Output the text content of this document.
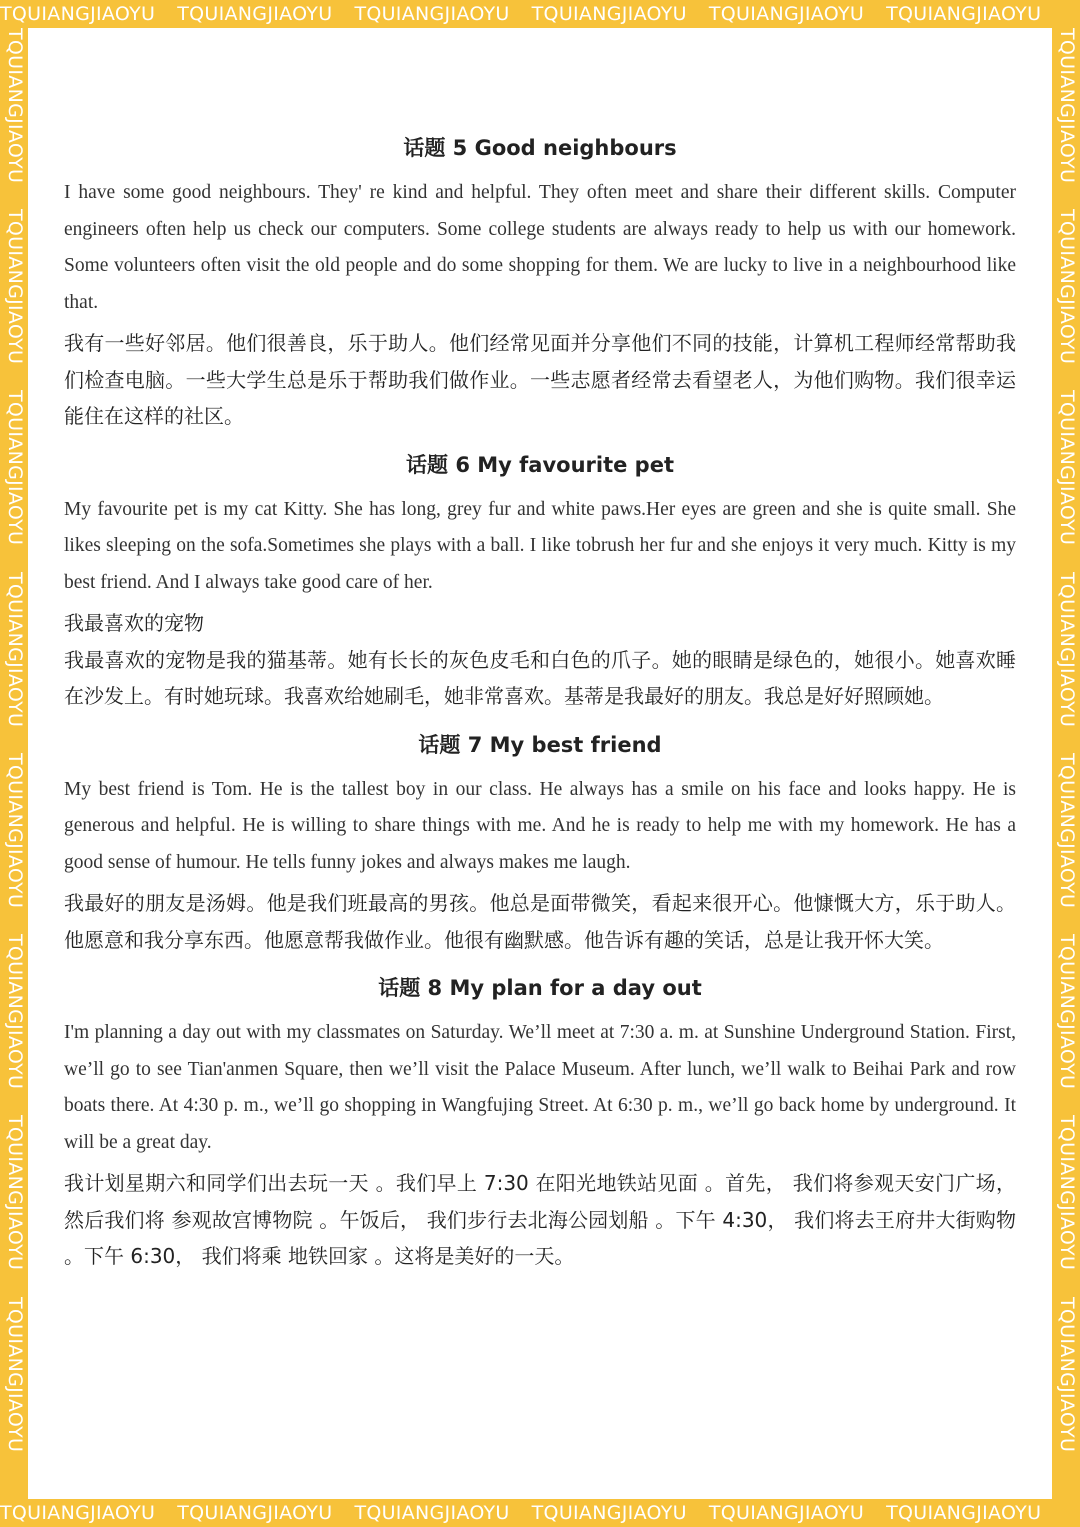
TQUIANGJIAOYU TQUIANGJIAOYU TQUIANGJIAOYU TQUIANGJIAOYU TQUIANGJIAOYU TQUIANGJIAOYU
TQUIANGJIAOYU TQUIANGJIAOYU TQUIANGJIAOYU TQUIANGJIAOYU TQUIANGJIAOYU TQUIANGJIAOYU
TQUIANGJIAOYUTQUIANGJIAOYUTQUIANGJIAOYUTQUIANGJIAOYUTQUIANGJIAOYUTQUIANGJIAOYUTQUIANGJIAOYUTQUIANGJIAOYU
TQUIANGJIAOYUTQUIANGJIAOYUTQUIANGJIAOYUTQUIANGJIAOYUTQUIANGJIAOYUTQUIANGJIAOYUTQUIANGJIAOYUTQUIANGJIAOYU
话题 5 Good neighbours

I have some good neighbours. They' re kind and helpful. They often meet and share their different skills. Computer engineers often help us check our computers. Some college students are always ready to help us with our homework. Some volunteers often visit the old people and do some shopping for them. We are lucky to live in a neighbourhood like that.

我有一些好邻居。他们很善良，乐于助人。他们经常见面并分享他们不同的技能，计算机工程师经常帮助我们检查电脑。一些大学生总是乐于帮助我们做作业。一些志愿者经常去看望老人，为他们购物。我们很幸运能住在这样的社区。

话题 6 My favourite pet

My favourite pet is my cat Kitty. She has long, grey fur and white paws.Her eyes are green and she is quite small. She likes sleeping on the sofa.Sometimes she plays with a ball. I like tobrush her fur and she enjoys it very much. Kitty is my best friend. And I always take good care of her.

我最喜欢的宠物

我最喜欢的宠物是我的猫基蒂。她有长长的灰色皮毛和白色的爪子。她的眼睛是绿色的，她很小。她喜欢睡在沙发上。有时她玩球。我喜欢给她刷毛，她非常喜欢。基蒂是我最好的朋友。我总是好好照顾她。

话题 7 My best friend

My best friend is Tom. He is the tallest boy in our class. He always has a smile on his face and looks happy. He is generous and helpful. He is willing to share things with me. And he is ready to help me with my homework. He has a good sense of humour. He tells funny jokes and always makes me laugh.

我最好的朋友是汤姆。他是我们班最高的男孩。他总是面带微笑，看起来很开心。他慷慨大方，乐于助人。他愿意和我分享东西。他愿意帮我做作业。他很有幽默感。他告诉有趣的笑话，总是让我开怀大笑。

话题 8 My plan for a day out

I'm planning a day out with my classmates on Saturday. We’ll meet at 7:30 a. m. at Sunshine Underground Station. First, we’ll go to see Tian'anmen Square, then we’ll visit the Palace Museum. After lunch, we’ll walk to Beihai Park and row boats there. At 4:30 p. m., we’ll go shopping in Wangfujing Street. At 6:30 p. m., we’ll go back home by underground. It will be a great day.

我计划星期六和同学们出去玩一天 。我们早上 7:30 在阳光地铁站见面 。首先， 我们将参观天安门广场， 然后我们将 参观故宫博物院 。午饭后， 我们步行去北海公园划船 。下午 4:30， 我们将去王府井大街购物 。下午 6:30， 我们将乘 地铁回家 。这将是美好的一天。
